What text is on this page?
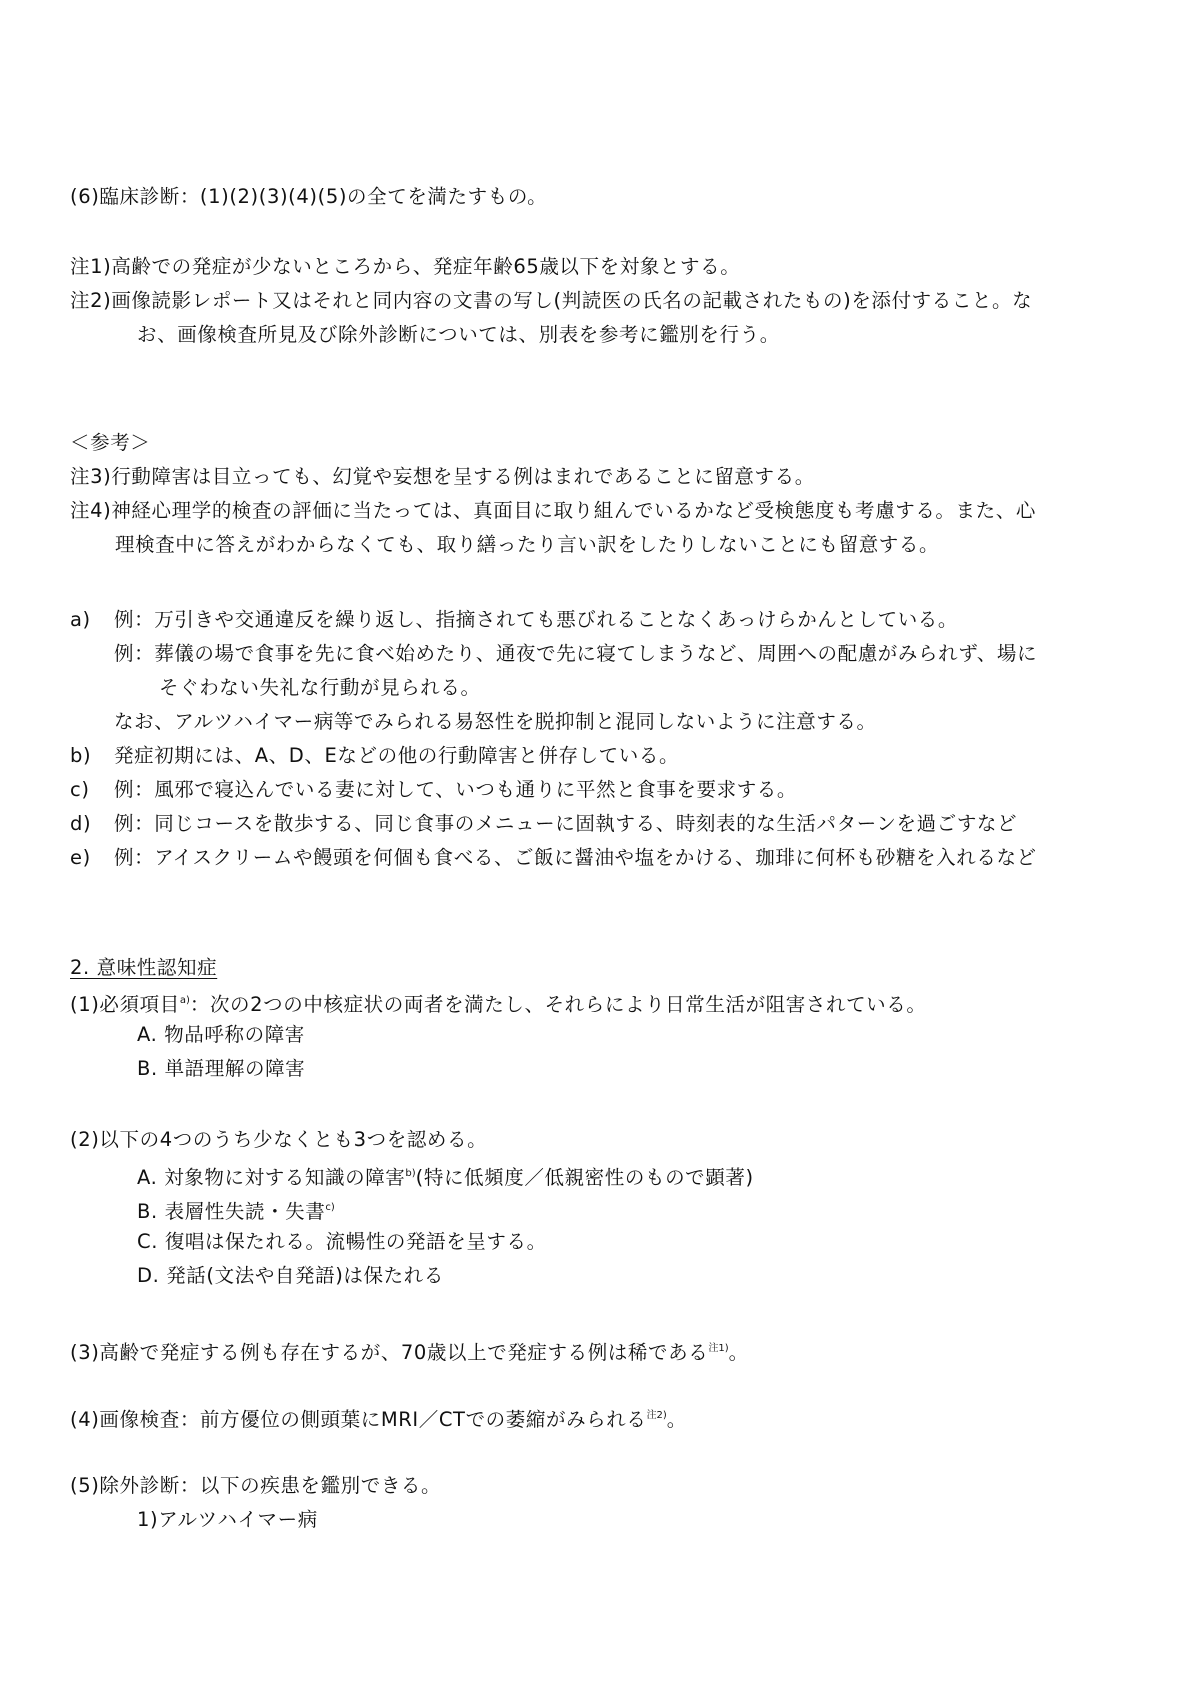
(6)臨床診断：(1)(2)(3)(4)(5)の全てを満たすもの。
注1)高齢での発症が少ないところから、発症年齢65歳以下を対象とする。
注2)画像読影レポート又はそれと同内容の文書の写し(判読医の氏名の記載されたもの)を添付すること。な
お、画像検査所見及び除外診断については、別表を参考に鑑別を行う。
＜参考＞
注3)行動障害は目立っても、幻覚や妄想を呈する例はまれであることに留意する。
注4)神経心理学的検査の評価に当たっては、真面目に取り組んでいるかなど受検態度も考慮する。また、心
理検査中に答えがわからなくても、取り繕ったり言い訳をしたりしないことにも留意する。
a) 例：万引きや交通違反を繰り返し、指摘されても悪びれることなくあっけらかんとしている。
例：葬儀の場で食事を先に食べ始めたり、通夜で先に寝てしまうなど、周囲への配慮がみられず、場に
そぐわない失礼な行動が見られる。
なお、アルツハイマー病等でみられる易怒性を脱抑制と混同しないように注意する。
b) 発症初期には、A、D、Eなどの他の行動障害と併存している。
c) 例：風邪で寝込んでいる妻に対して、いつも通りに平然と食事を要求する。
d) 例：同じコースを散歩する、同じ食事のメニューに固執する、時刻表的な生活パターンを過ごすなど
e) 例：アイスクリームや饅頭を何個も食べる、ご飯に醤油や塩をかける、珈琲に何杯も砂糖を入れるなど
2. 意味性認知症
(1)必須項目$^{a)}$：次の2つの中核症状の両者を満たし、それらにより日常生活が阻害されている。
A. 物品呼称の障害
B. 単語理解の障害
(2)以下の4つのうち少なくとも3つを認める。
A. 対象物に対する知識の障害$^{b)}$(特に低頻度／低親密性のもので顕著)
B. 表層性失読・失書$^{c)}$
C. 復唱は保たれる。流暢性の発語を呈する。
D. 発話(文法や自発語)は保たれる
(3)高齢で発症する例も存在するが、70歳以上で発症する例は稀である$^{注1)}$。
(4)画像検査：前方優位の側頭葉にMRI／CTでの萎縮がみられる$^{注2)}$。
(5)除外診断：以下の疾患を鑑別できる。
1)アルツハイマー病
